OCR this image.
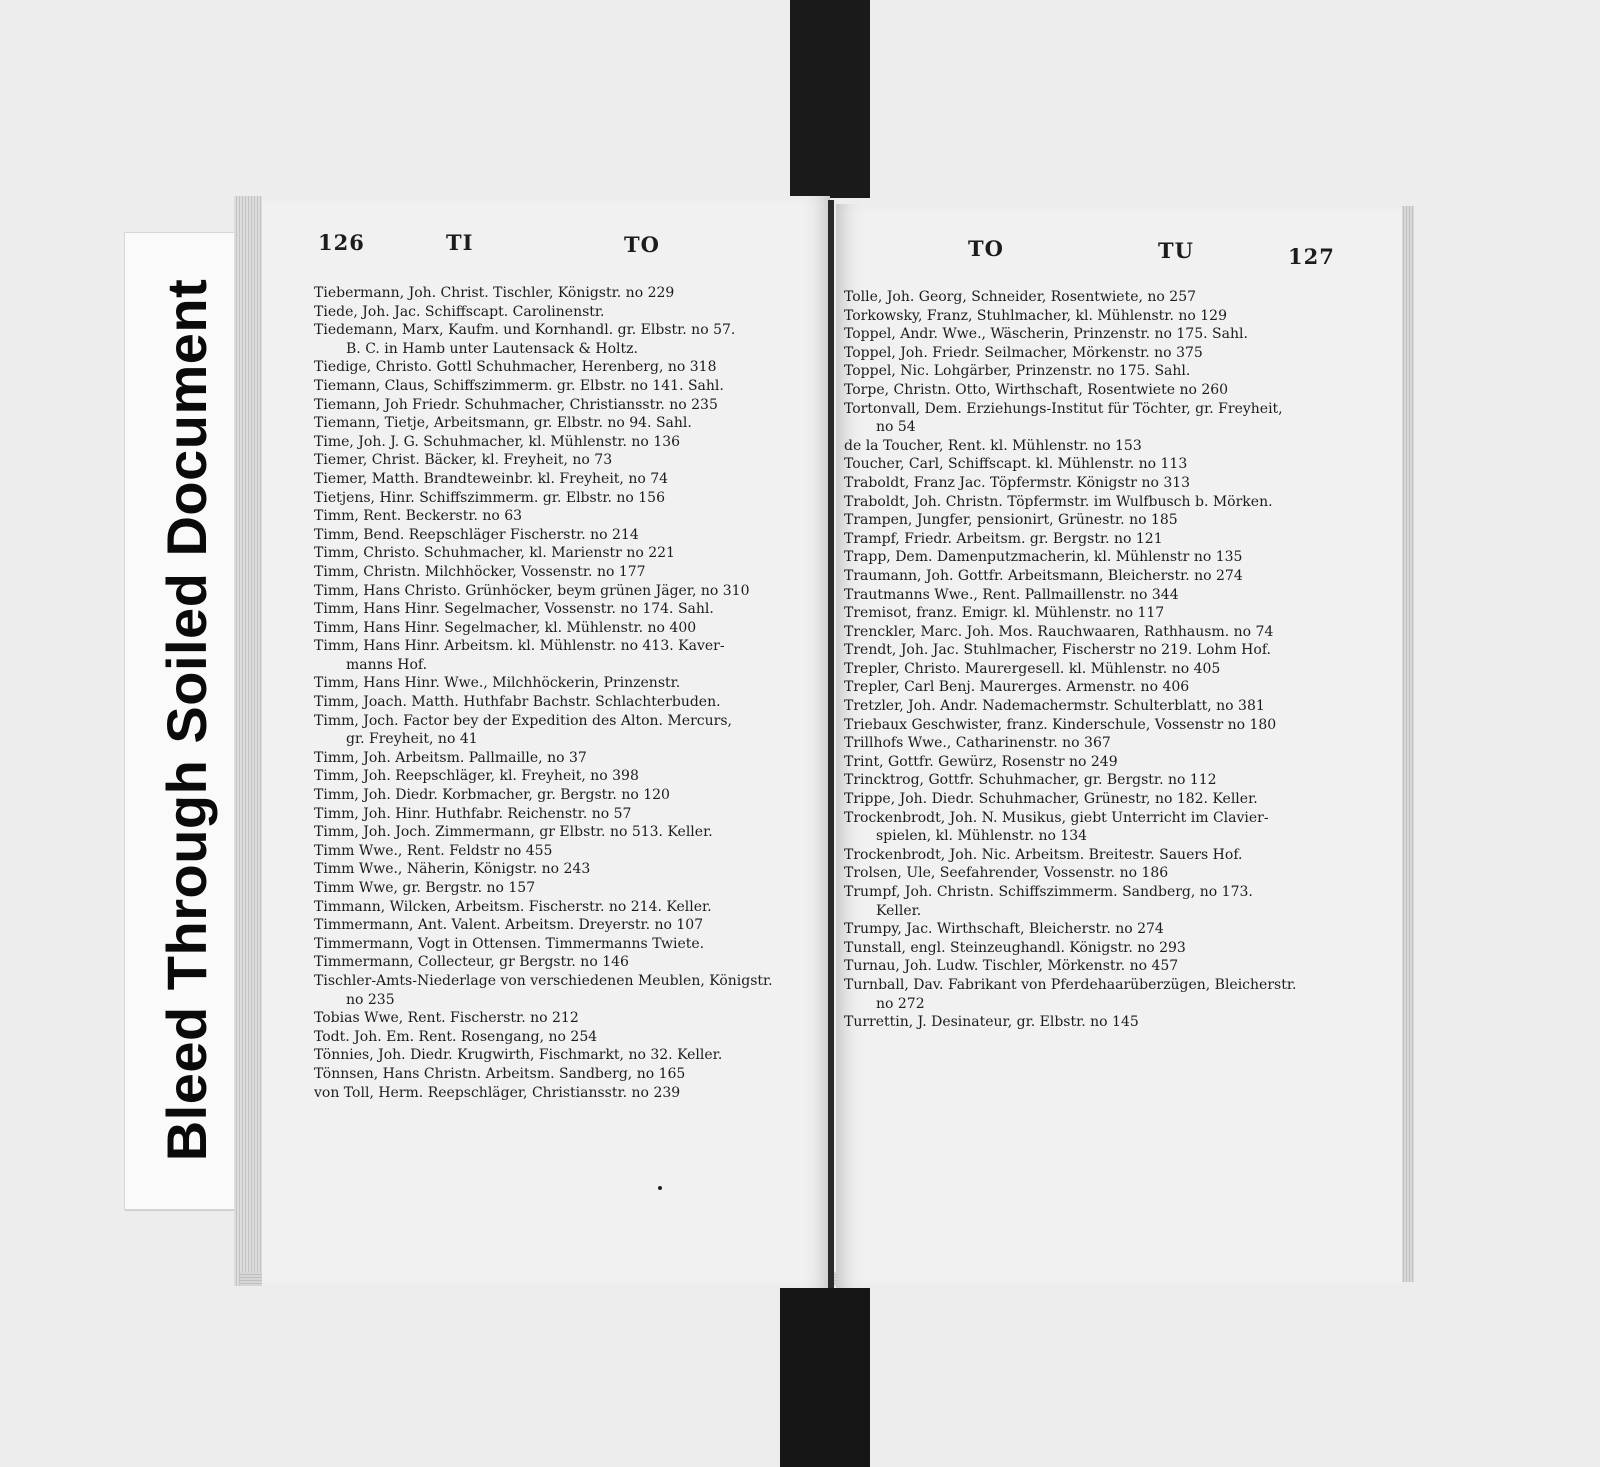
Bleed Through Soiled Document
126	TI	TO
Tiebermann, Joh. Christ. Tischler, Königstr. no 229
Tiede, Joh. Jac. Schiffscapt. Carolinenstr.
Tiedemann, Marx, Kaufm. und Kornhandl. gr. Elbstr. no 57.
B. C. in Hamb unter Lautensack & Holtz.
Tiedige, Christo. Gottl Schuhmacher, Herenberg, no 318
Tiemann, Claus, Schiffszimmerm. gr. Elbstr. no 141. Sahl.
Tiemann, Joh Friedr. Schuhmacher, Christiansstr. no 235
Tiemann, Tietje, Arbeitsmann, gr. Elbstr. no 94. Sahl.
Time, Joh. J. G. Schuhmacher, kl. Mühlenstr. no 136
Tiemer, Christ. Bäcker, kl. Freyheit, no 73
Tiemer, Matth. Brandteweinbr. kl. Freyheit, no 74
Tietjens, Hinr. Schiffszimmerm. gr. Elbstr. no 156
Timm, Rent. Beckerstr. no 63
Timm, Bend. Reepschläger Fischerstr. no 214
Timm, Christo. Schuhmacher, kl. Marienstr no 221
Timm, Christn. Milchhöcker, Vossenstr. no 177
Timm, Hans Christo. Grünhöcker, beym grünen Jäger, no 310
Timm, Hans Hinr. Segelmacher, Vossenstr. no 174. Sahl.
Timm, Hans Hinr. Segelmacher, kl. Mühlenstr. no 400
Timm, Hans Hinr. Arbeitsm. kl. Mühlenstr. no 413. Kaver-
manns Hof.
Timm, Hans Hinr. Wwe., Milchhöckerin, Prinzenstr.
Timm, Joach. Matth. Huthfabr Bachstr. Schlachterbuden.
Timm, Joch. Factor bey der Expedition des Alton. Mercurs,
gr. Freyheit, no 41
Timm, Joh. Arbeitsm. Pallmaille, no 37
Timm, Joh. Reepschläger, kl. Freyheit, no 398
Timm, Joh. Diedr. Korbmacher, gr. Bergstr. no 120
Timm, Joh. Hinr. Huthfabr. Reichenstr. no 57
Timm, Joh. Joch. Zimmermann, gr Elbstr. no 513. Keller.
Timm Wwe., Rent. Feldstr no 455
Timm Wwe., Näherin, Königstr. no 243
Timm Wwe, gr. Bergstr. no 157
Timmann, Wilcken, Arbeitsm. Fischerstr. no 214. Keller.
Timmermann, Ant. Valent. Arbeitsm. Dreyerstr. no 107
Timmermann, Vogt in Ottensen. Timmermanns Twiete.
Timmermann, Collecteur, gr Bergstr. no 146
Tischler-Amts-Niederlage von verschiedenen Meublen, Königstr.
no 235
Tobias Wwe, Rent. Fischerstr. no 212
Todt. Joh. Em. Rent. Rosengang, no 254
Tönnies, Joh. Diedr. Krugwirth, Fischmarkt, no 32. Keller.
Tönnsen, Hans Christn. Arbeitsm. Sandberg, no 165
von Toll, Herm. Reepschläger, Christiansstr. no 239
TO	TU	127
Tolle, Joh. Georg, Schneider, Rosentwiete, no 257
Torkowsky, Franz, Stuhlmacher, kl. Mühlenstr. no 129
Toppel, Andr. Wwe., Wäscherin, Prinzenstr. no 175. Sahl.
Toppel, Joh. Friedr. Seilmacher, Mörkenstr. no 375
Toppel, Nic. Lohgärber, Prinzenstr. no 175. Sahl.
Torpe, Christn. Otto, Wirthschaft, Rosentwiete no 260
Tortonvall, Dem. Erziehungs-Institut für Töchter, gr. Freyheit,
no 54
de la Toucher, Rent. kl. Mühlenstr. no 153
Toucher, Carl, Schiffscapt. kl. Mühlenstr. no 113
Traboldt, Franz Jac. Töpfermstr. Königstr no 313
Traboldt, Joh. Christn. Töpfermstr. im Wulfbusch b. Mörken.
Trampen, Jungfer, pensionirt, Grünestr. no 185
Trampf, Friedr. Arbeitsm. gr. Bergstr. no 121
Trapp, Dem. Damenputzmacherin, kl. Mühlenstr no 135
Traumann, Joh. Gottfr. Arbeitsmann, Bleicherstr. no 274
Trautmanns Wwe., Rent. Pallmaillenstr. no 344
Tremisot, franz. Emigr. kl. Mühlenstr. no 117
Trenckler, Marc. Joh. Mos. Rauchwaaren, Rathhausm. no 74
Trendt, Joh. Jac. Stuhlmacher, Fischerstr no 219. Lohm Hof.
Trepler, Christo. Maurergesell. kl. Mühlenstr. no 405
Trepler, Carl Benj. Maurerges. Armenstr. no 406
Tretzler, Joh. Andr. Nademachermstr. Schulterblatt, no 381
Triebaux Geschwister, franz. Kinderschule, Vossenstr no 180
Trillhofs Wwe., Catharinenstr. no 367
Trint, Gottfr. Gewürz, Rosenstr no 249
Trincktrog, Gottfr. Schuhmacher, gr. Bergstr. no 112
Trippe, Joh. Diedr. Schuhmacher, Grünestr, no 182. Keller.
Trockenbrodt, Joh. N. Musikus, giebt Unterricht im Clavier-
spielen, kl. Mühlenstr. no 134
Trockenbrodt, Joh. Nic. Arbeitsm. Breitestr. Sauers Hof.
Trolsen, Ule, Seefahrender, Vossenstr. no 186
Trumpf, Joh. Christn. Schiffszimmerm. Sandberg, no 173.
Keller.
Trumpy, Jac. Wirthschaft, Bleicherstr. no 274
Tunstall, engl. Steinzeughandl. Königstr. no 293
Turnau, Joh. Ludw. Tischler, Mörkenstr. no 457
Turnball, Dav. Fabrikant von Pferdehaarüberzügen, Bleicherstr.
no 272
Turrettin, J. Desinateur, gr. Elbstr. no 145
